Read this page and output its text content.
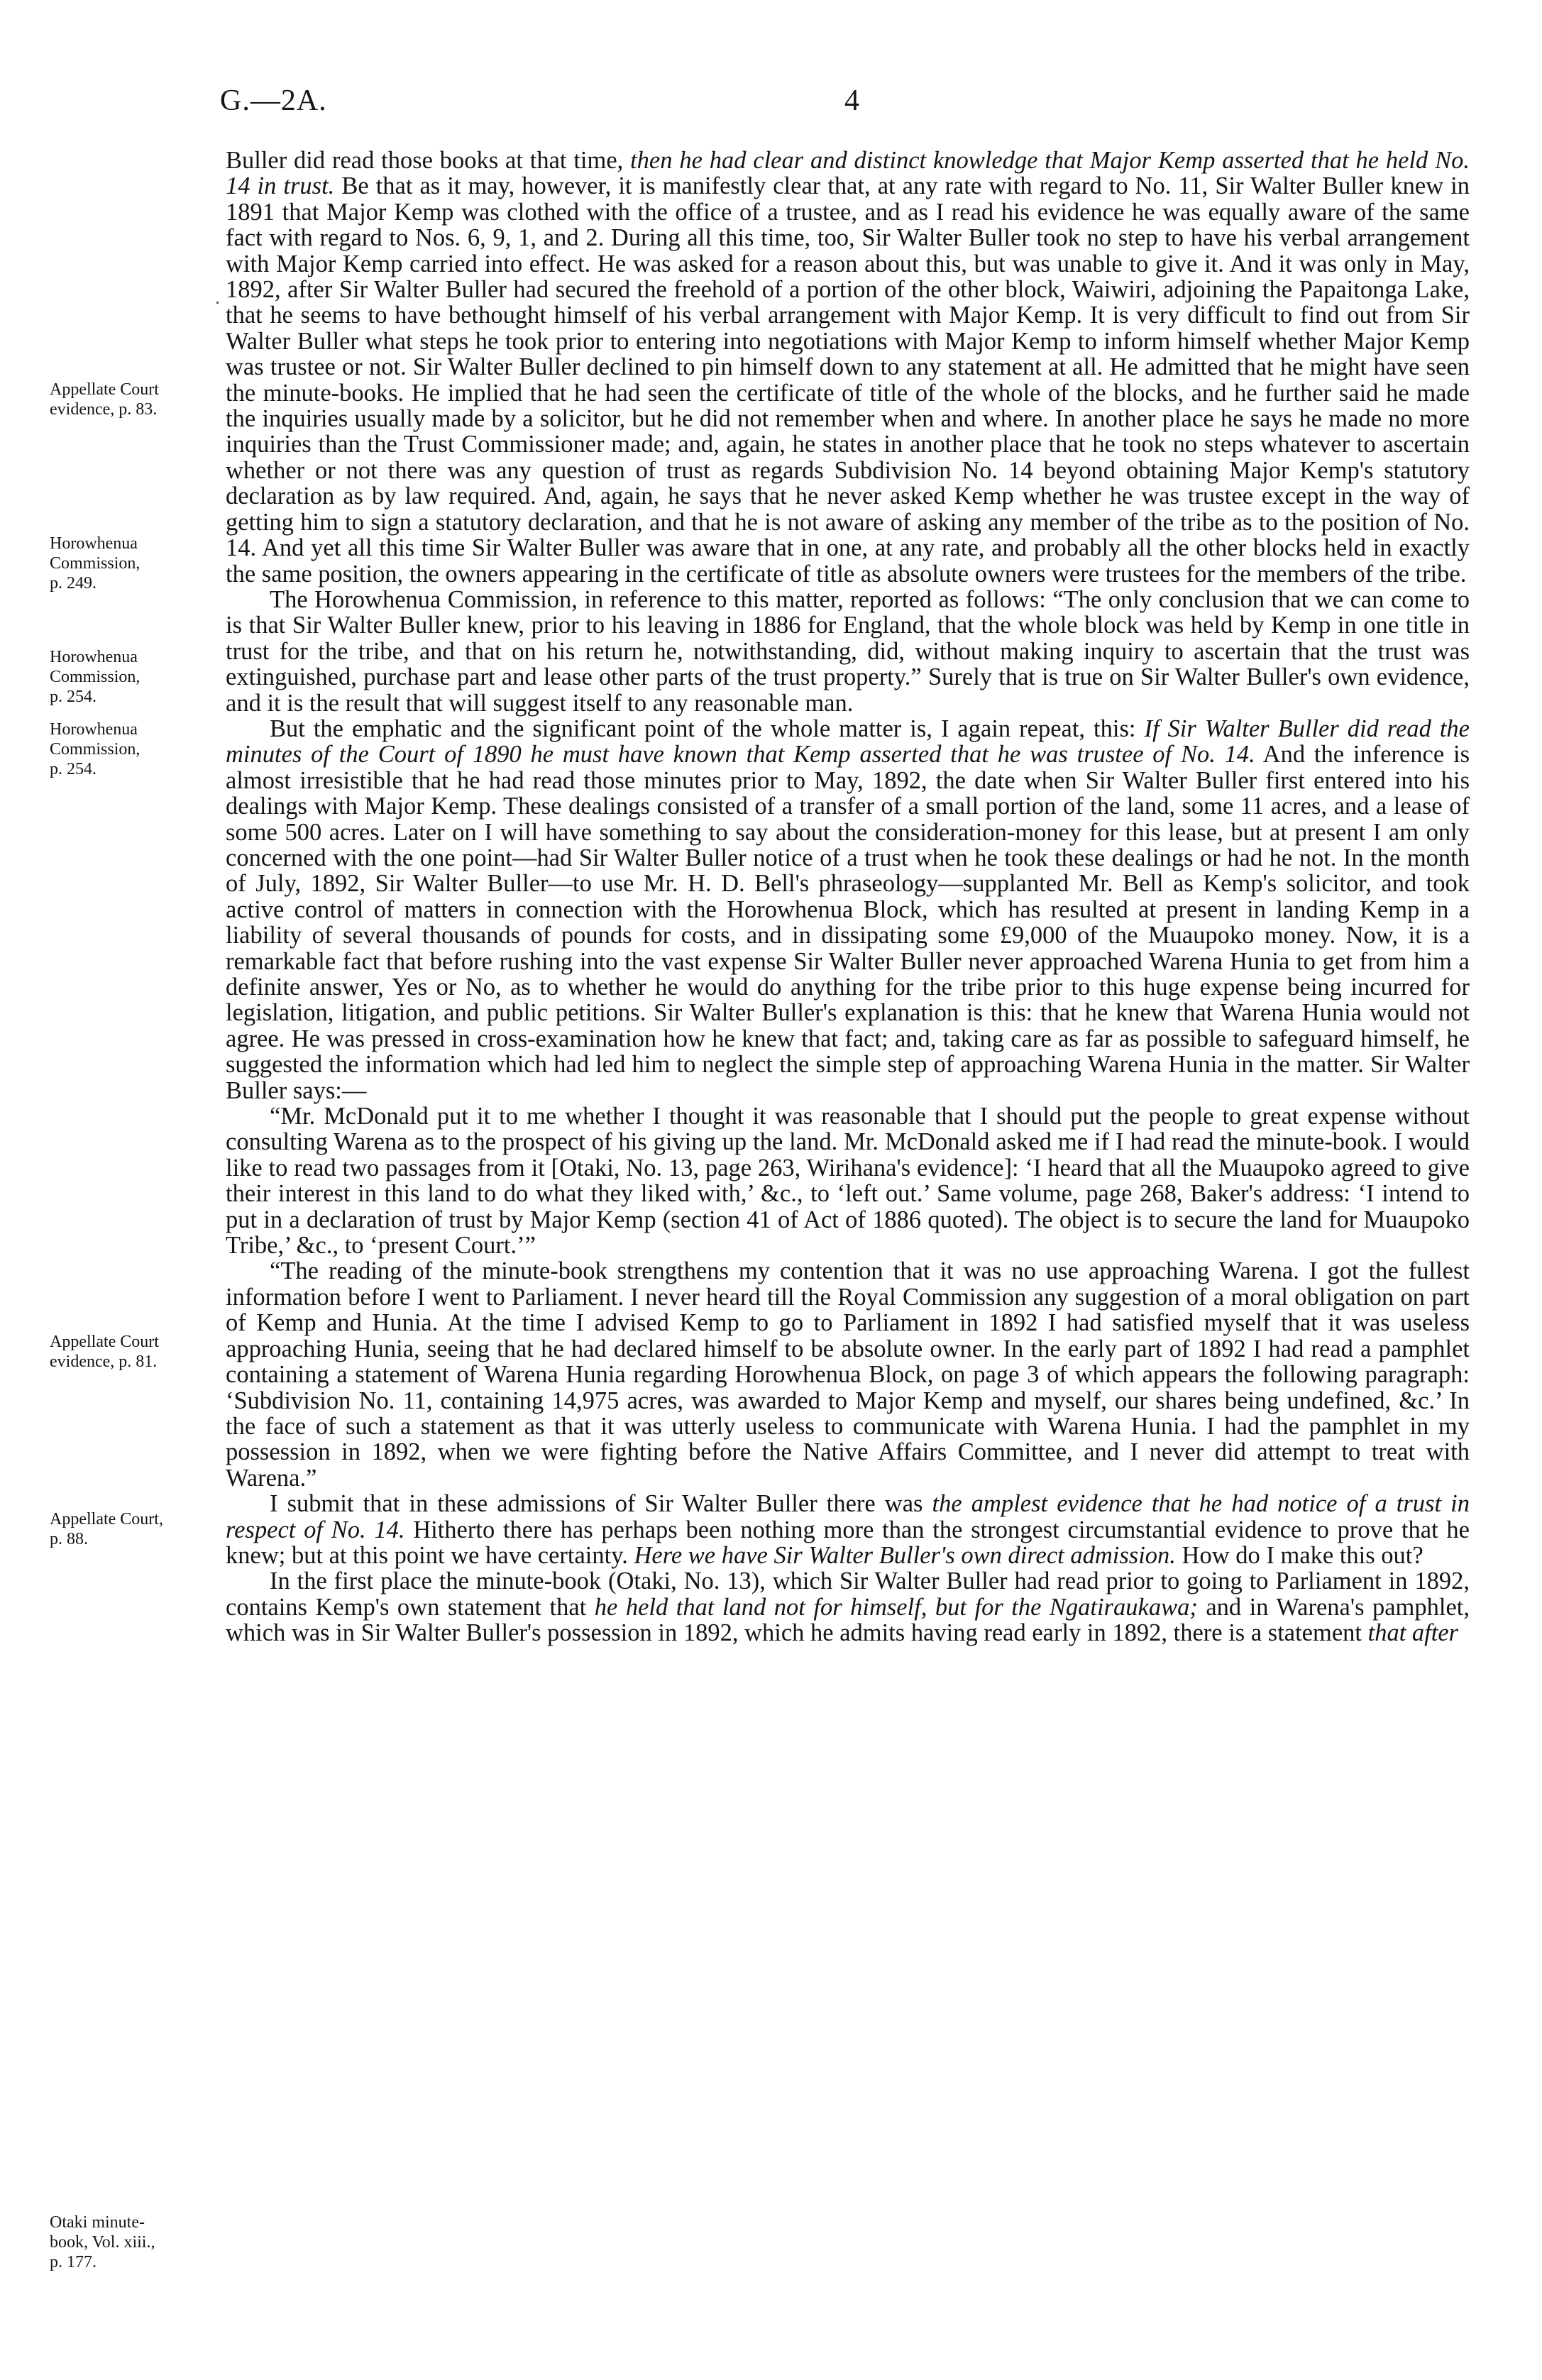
G.—2A.	4
Appellate Court
evidence, p. 83.
Horowhenua
Commission,
p. 249.
Horowhenua
Commission,
p. 254.
Horowhenua
Commission,
p. 254.
Appellate Court
evidence, p. 81.
Appellate Court,
p. 88.
Otaki minute-
book, Vol. xiii.,
p. 177.

Buller did read those books at that time, then he had clear and distinct knowledge that Major Kemp asserted that he held No. 14 in trust. Be that as it may, however, it is manifestly clear that, at any rate with regard to No. 11, Sir Walter Buller knew in 1891 that Major Kemp was clothed with the office of a trustee, and as I read his evidence he was equally aware of the same fact with regard to Nos. 6, 9, 1, and 2. During all this time, too, Sir Walter Buller took no step to have his verbal arrangement with Major Kemp carried into effect. He was asked for a reason about this, but was unable to give it. And it was only in May, 1892, after Sir Walter Buller had secured the freehold of a portion of the other block, Waiwiri, adjoining the Papaitonga Lake, that he seems to have bethought himself of his verbal arrangement with Major Kemp. It is very difficult to find out from Sir Walter Buller what steps he took prior to entering into negotiations with Major Kemp to inform himself whether Major Kemp was trustee or not. Sir Walter Buller declined to pin himself down to any statement at all. He admitted that he might have seen the minute-books. He implied that he had seen the certificate of title of the whole of the blocks, and he further said he made the inquiries usually made by a solicitor, but he did not remember when and where. In another place he says he made no more inquiries than the Trust Commissioner made; and, again, he states in another place that he took no steps whatever to ascertain whether or not there was any question of trust as regards Subdivision No. 14 beyond obtaining Major Kemp's statutory declaration as by law required. And, again, he says that he never asked Kemp whether he was trustee except in the way of getting him to sign a statutory declaration, and that he is not aware of asking any member of the tribe as to the position of No. 14. And yet all this time Sir Walter Buller was aware that in one, at any rate, and probably all the other blocks held in exactly the same position, the owners appearing in the certificate of title as absolute owners were trustees for the members of the tribe.

The Horowhenua Commission, in reference to this matter, reported as follows: “The only conclusion that we can come to is that Sir Walter Buller knew, prior to his leaving in 1886 for England, that the whole block was held by Kemp in one title in trust for the tribe, and that on his return he, notwithstanding, did, without making inquiry to ascertain that the trust was extinguished, purchase part and lease other parts of the trust property.” Surely that is true on Sir Walter Buller's own evidence, and it is the result that will suggest itself to any reasonable man.

But the emphatic and the significant point of the whole matter is, I again repeat, this: If Sir Walter Buller did read the minutes of the Court of 1890 he must have known that Kemp asserted that he was trustee of No. 14. And the inference is almost irresistible that he had read those minutes prior to May, 1892, the date when Sir Walter Buller first entered into his dealings with Major Kemp. These dealings consisted of a transfer of a small portion of the land, some 11 acres, and a lease of some 500 acres. Later on I will have something to say about the consideration-money for this lease, but at present I am only concerned with the one point—had Sir Walter Buller notice of a trust when he took these dealings or had he not. In the month of July, 1892, Sir Walter Buller—to use Mr. H. D. Bell's phraseology—supplanted Mr. Bell as Kemp's solicitor, and took active control of matters in connection with the Horowhenua Block, which has resulted at present in landing Kemp in a liability of several thousands of pounds for costs, and in dissipating some £9,000 of the Muaupoko money. Now, it is a remarkable fact that before rushing into the vast expense Sir Walter Buller never approached Warena Hunia to get from him a definite answer, Yes or No, as to whether he would do anything for the tribe prior to this huge expense being incurred for legislation, litigation, and public petitions. Sir Walter Buller's explanation is this: that he knew that Warena Hunia would not agree. He was pressed in cross-examination how he knew that fact; and, taking care as far as possible to safeguard himself, he suggested the information which had led him to neglect the simple step of approaching Warena Hunia in the matter. Sir Walter Buller says:—

“Mr. McDonald put it to me whether I thought it was reasonable that I should put the people to great expense without consulting Warena as to the prospect of his giving up the land. Mr. McDonald asked me if I had read the minute-book. I would like to read two passages from it [Otaki, No. 13, page 263, Wirihana's evidence]: ‘I heard that all the Muaupoko agreed to give their interest in this land to do what they liked with,’ &c., to ‘left out.’ Same volume, page 268, Baker's address: ‘I intend to put in a declaration of trust by Major Kemp (section 41 of Act of 1886 quoted). The object is to secure the land for Muaupoko Tribe,’ &c., to ‘present Court.’”

“The reading of the minute-book strengthens my contention that it was no use approaching Warena. I got the fullest information before I went to Parliament. I never heard till the Royal Commission any suggestion of a moral obligation on part of Kemp and Hunia. At the time I advised Kemp to go to Parliament in 1892 I had satisfied myself that it was useless approaching Hunia, seeing that he had declared himself to be absolute owner. In the early part of 1892 I had read a pamphlet containing a statement of Warena Hunia regarding Horowhenua Block, on page 3 of which appears the following paragraph: ‘Subdivision No. 11, containing 14,975 acres, was awarded to Major Kemp and myself, our shares being undefined, &c.’ In the face of such a statement as that it was utterly useless to communicate with Warena Hunia. I had the pamphlet in my possession in 1892, when we were fighting before the Native Affairs Committee, and I never did attempt to treat with Warena.”

I submit that in these admissions of Sir Walter Buller there was the amplest evidence that he had notice of a trust in respect of No. 14. Hitherto there has perhaps been nothing more than the strongest circumstantial evidence to prove that he knew; but at this point we have certainty. Here we have Sir Walter Buller's own direct admission. How do I make this out?

In the first place the minute-book (Otaki, No. 13), which Sir Walter Buller had read prior to going to Parliament in 1892, contains Kemp's own statement that he held that land not for himself, but for the Ngatiraukawa; and in Warena's pamphlet, which was in Sir Walter Buller's possession in 1892, which he admits having read early in 1892, there is a statement that after
